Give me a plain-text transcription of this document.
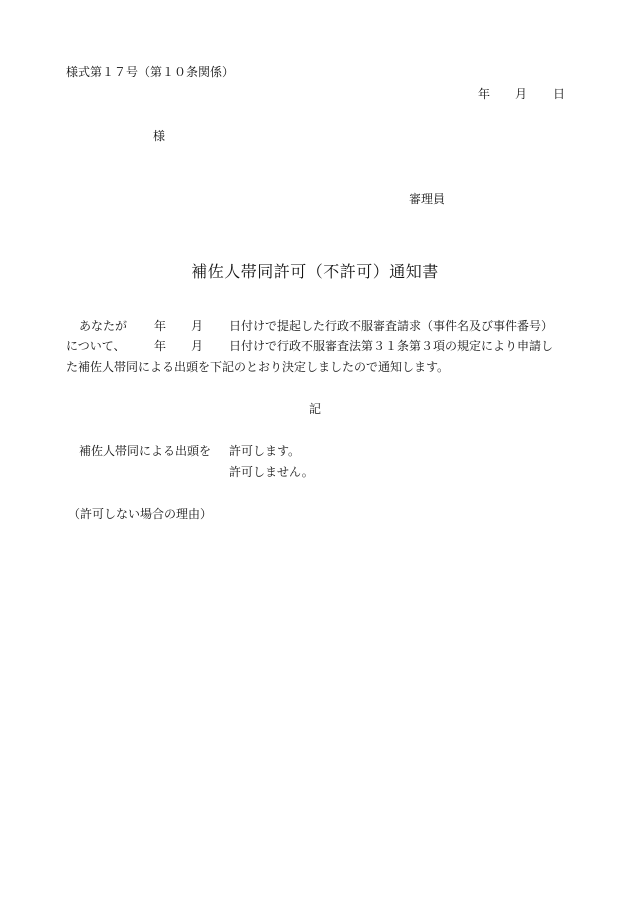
様式第１７号（第１０条関係）
年 月 日
様
審理員
補佐人帯同許可（不許可）通知書
あなたが 年 月 日付けで提起した行政不服審査請求（事件名及び事件番号）
について、 年 月 日付けで行政不服審査法第３１条第３項の規定により申請し
た補佐人帯同による出頭を下記のとおり決定しましたので通知します。
記
補佐人帯同による出頭を 許可します。
許可しません。
（許可しない場合の理由）
